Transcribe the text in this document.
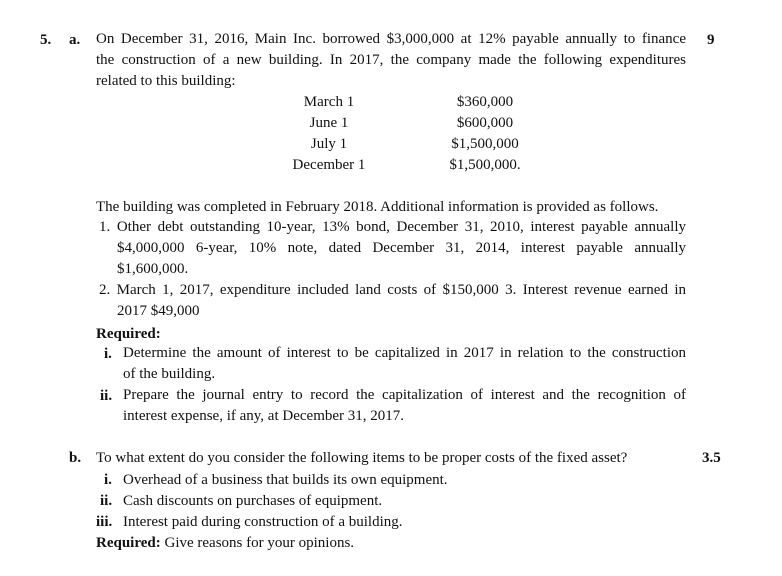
5. a.	9
On December 31, 2016, Main Inc. borrowed $3,000,000 at 12% payable annually to finance
the construction of a new building. In 2017, the company made the following expenditures
related to this building:
March 1
June 1
July 1
December 1
$360,000
$600,000
$1,500,000
$1,500,000.
The building was completed in February 2018. Additional information is provided as follows.
1. Other debt outstanding 10-year, 13% bond, December 31, 2010, interest payable annually
$4,000,000 6-year, 10% note, dated December 31, 2014, interest payable annually
$1,600,000.
2. March 1, 2017, expenditure included land costs of $150,000 3. Interest revenue earned in
2017 $49,000
Required:
i. Determine the amount of interest to be capitalized in 2017 in relation to the construction
of the building.
ii. Prepare the journal entry to record the capitalization of interest and the recognition of
interest expense, if any, at December 31, 2017.
b. To what extent do you consider the following items to be proper costs of the fixed asset?	3.5
i. Overhead of a business that builds its own equipment.
ii. Cash discounts on purchases of equipment.
iii. Interest paid during construction of a building.
Required: Give reasons for your opinions.
